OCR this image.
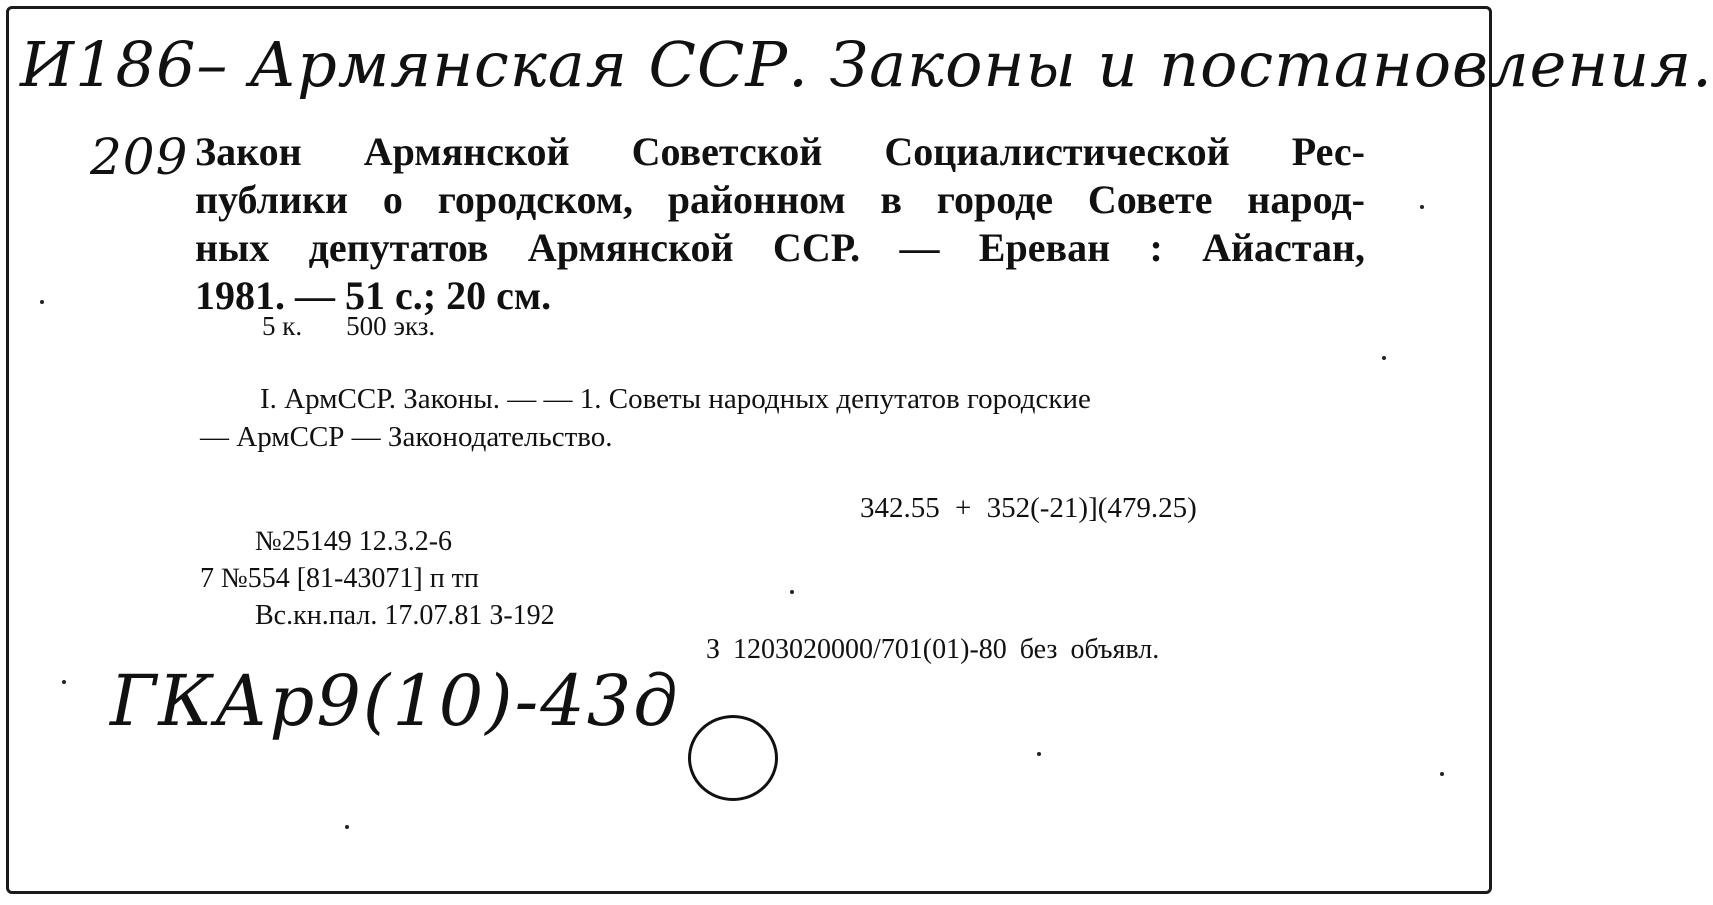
И186– Армянская ССР. Законы и постановления.
209 Закон Армянской Советской Социалистической Рес-
публики о городском, районном в городе Совете народ-
ных депутатов Армянской ССР. — Ереван : Айастан,
1981. — 51 с.; 20 см.
5 к. 500 экз.
I. АрмССР. Законы. — — 1. Советы народных депутатов городские
— АрмССР — Законодательство.
342.55 + 352(-21)](479.25)
№25149 12.3.2-6
7 №554 [81-43071] п тп
Вс.кн.пал. 17.07.81 З-192
З 1203020000/701(01)-80 без объявл.
ГКАр9(10)-43д
